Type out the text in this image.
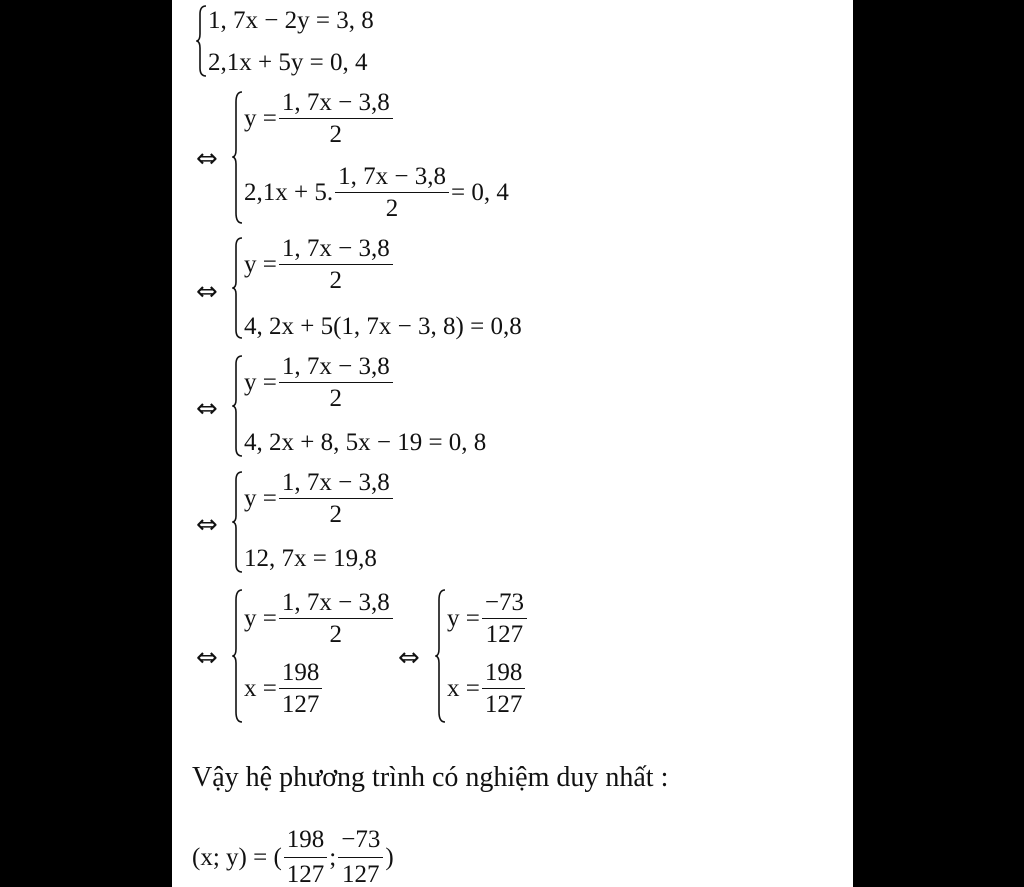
1, 7x − 2y = 3, 8
2,1x + 5y = 0, 4
⇔
$y = \frac{1, 7x - 3,8}{2}$
2,1x + 5. $\frac{1, 7x - 3,8}{2} = 0$, 4
⇔
$y = \frac{1, 7x - 3,8}{2}$
4, 2x + 5(1, 7x − 3, 8) = 0,8
⇔
$y = \frac{1, 7x - 3,8}{2}$
4, 2x + 8, 5x − 19 = 0, 8
⇔
$y = \frac{1, 7x - 3,8}{2}$
12, 7x = 19,8
⇔
$y = \frac{1, 7x - 3,8}{2}$
$x = \frac{198}{127}$
⇔
$y = \frac{-73}{127}$
$x = \frac{198}{127}$
Vậy hệ phương trình có nghiệm duy nhất :
(x; y) = ( $\frac{198}{127}$ ; $\frac{-73}{127}$ )
